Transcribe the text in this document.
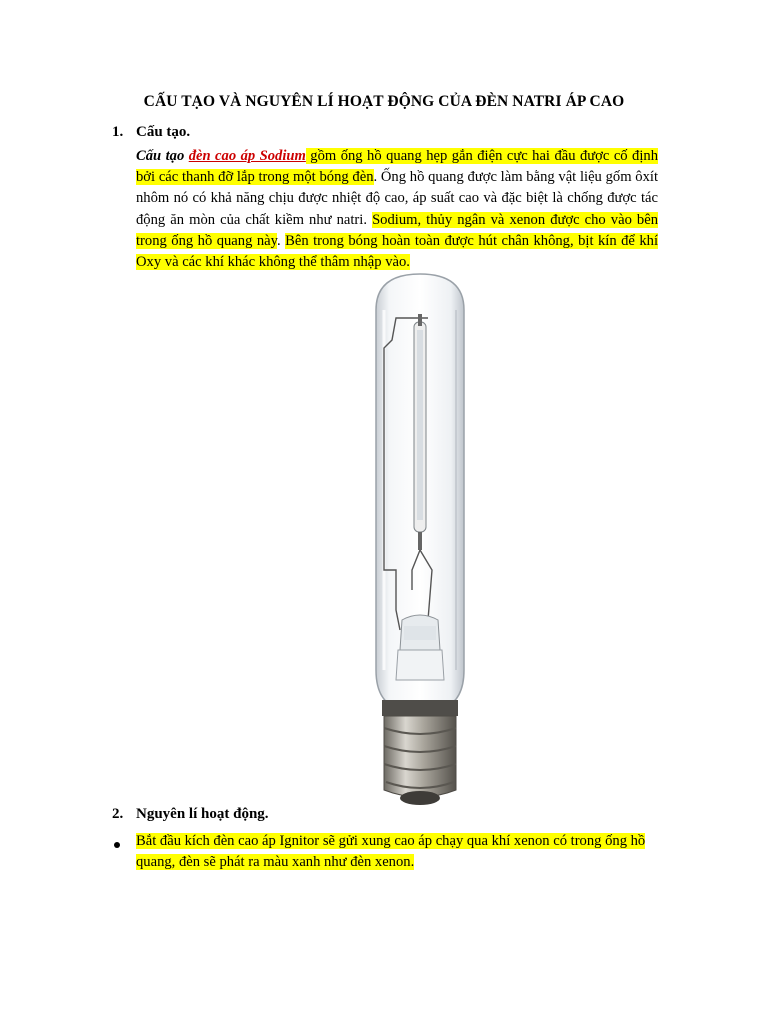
CẤU TẠO VÀ NGUYÊN LÍ HOẠT ĐỘNG CỦA ĐÈN NATRI ÁP CAO
1. Cấu tạo.
Cấu tạo đèn cao áp Sodium gồm ống hồ quang hẹp gắn điện cực hai đầu được cố định bởi các thanh đỡ lắp trong một bóng đèn. Ống hồ quang được làm bằng vật liệu gốm ôxít nhôm nó có khả năng chịu được nhiệt độ cao, áp suất cao và đặc biệt là chống được tác động ăn mòn của chất kiềm như natri. Sodium, thủy ngân và xenon được cho vào bên trong ống hồ quang này. Bên trong bóng hoàn toàn được hút chân không, bịt kín để khí Oxy và các khí khác không thể thâm nhập vào.
2. Nguyên lí hoạt động.
Bắt đầu kích đèn cao áp Ignitor sẽ gửi xung cao áp chạy qua khí xenon có trong ống hồ quang, đèn sẽ phát ra màu xanh như đèn xenon.
